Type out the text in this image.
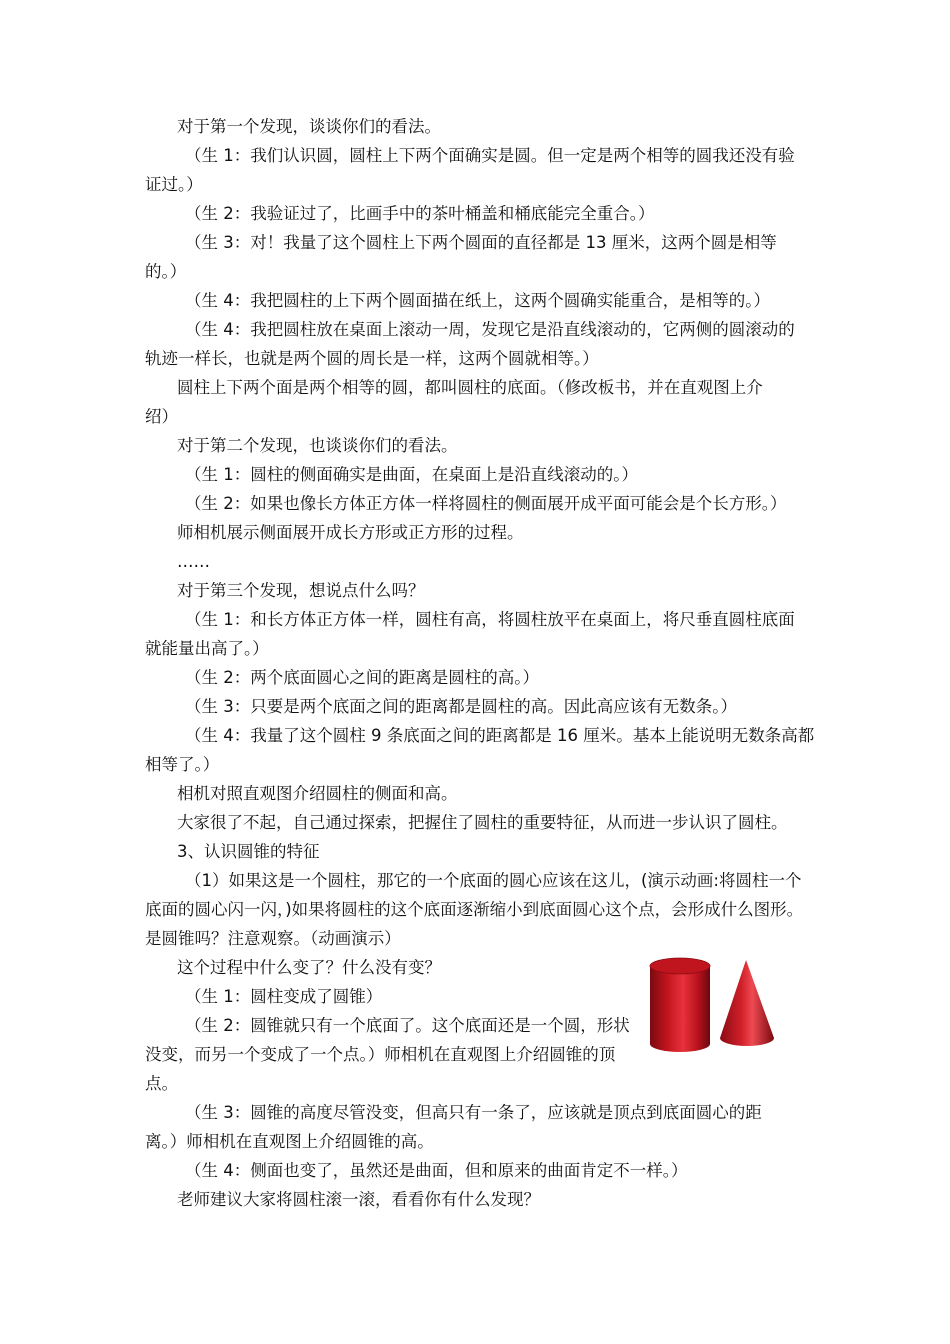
对于第一个发现，谈谈你们的看法。
（生 1：我们认识圆，圆柱上下两个面确实是圆。但一定是两个相等的圆我还没有验
证过。）
（生 2：我验证过了，比画手中的茶叶桶盖和桶底能完全重合。）
（生 3：对！我量了这个圆柱上下两个圆面的直径都是 13 厘米，这两个圆是相等
的。）
（生 4：我把圆柱的上下两个圆面描在纸上，这两个圆确实能重合，是相等的。）
（生 4：我把圆柱放在桌面上滚动一周，发现它是沿直线滚动的，它两侧的圆滚动的
轨迹一样长，也就是两个圆的周长是一样，这两个圆就相等。）
圆柱上下两个面是两个相等的圆，都叫圆柱的底面。（修改板书，并在直观图上介
绍）
对于第二个发现，也谈谈你们的看法。
（生 1：圆柱的侧面确实是曲面，在桌面上是沿直线滚动的。）
（生 2：如果也像长方体正方体一样将圆柱的侧面展开成平面可能会是个长方形。）
师相机展示侧面展开成长方形或正方形的过程。
……
对于第三个发现，想说点什么吗？
（生 1：和长方体正方体一样，圆柱有高，将圆柱放平在桌面上，将尺垂直圆柱底面
就能量出高了。）
（生 2：两个底面圆心之间的距离是圆柱的高。）
（生 3：只要是两个底面之间的距离都是圆柱的高。因此高应该有无数条。）
（生 4：我量了这个圆柱 9 条底面之间的距离都是 16 厘米。基本上能说明无数条高都
相等了。）
相机对照直观图介绍圆柱的侧面和高。
大家很了不起，自己通过探索，把握住了圆柱的重要特征，从而进一步认识了圆柱。
3、认识圆锥的特征
（1）如果这是一个圆柱，那它的一个底面的圆心应该在这儿，(演示动画:将圆柱一个
底面的圆心闪一闪，)如果将圆柱的这个底面逐渐缩小到底面圆心这个点，会形成什么图形。
是圆锥吗？注意观察。（动画演示）
这个过程中什么变了？什么没有变？
（生 1：圆柱变成了圆锥）
（生 2：圆锥就只有一个底面了。这个底面还是一个圆，形状
没变，而另一个变成了一个点。）师相机在直观图上介绍圆锥的顶
点。
（生 3：圆锥的高度尽管没变，但高只有一条了，应该就是顶点到底面圆心的距
离。）师相机在直观图上介绍圆锥的高。
（生 4：侧面也变了，虽然还是曲面，但和原来的曲面肯定不一样。）
老师建议大家将圆柱滚一滚，看看你有什么发现？
